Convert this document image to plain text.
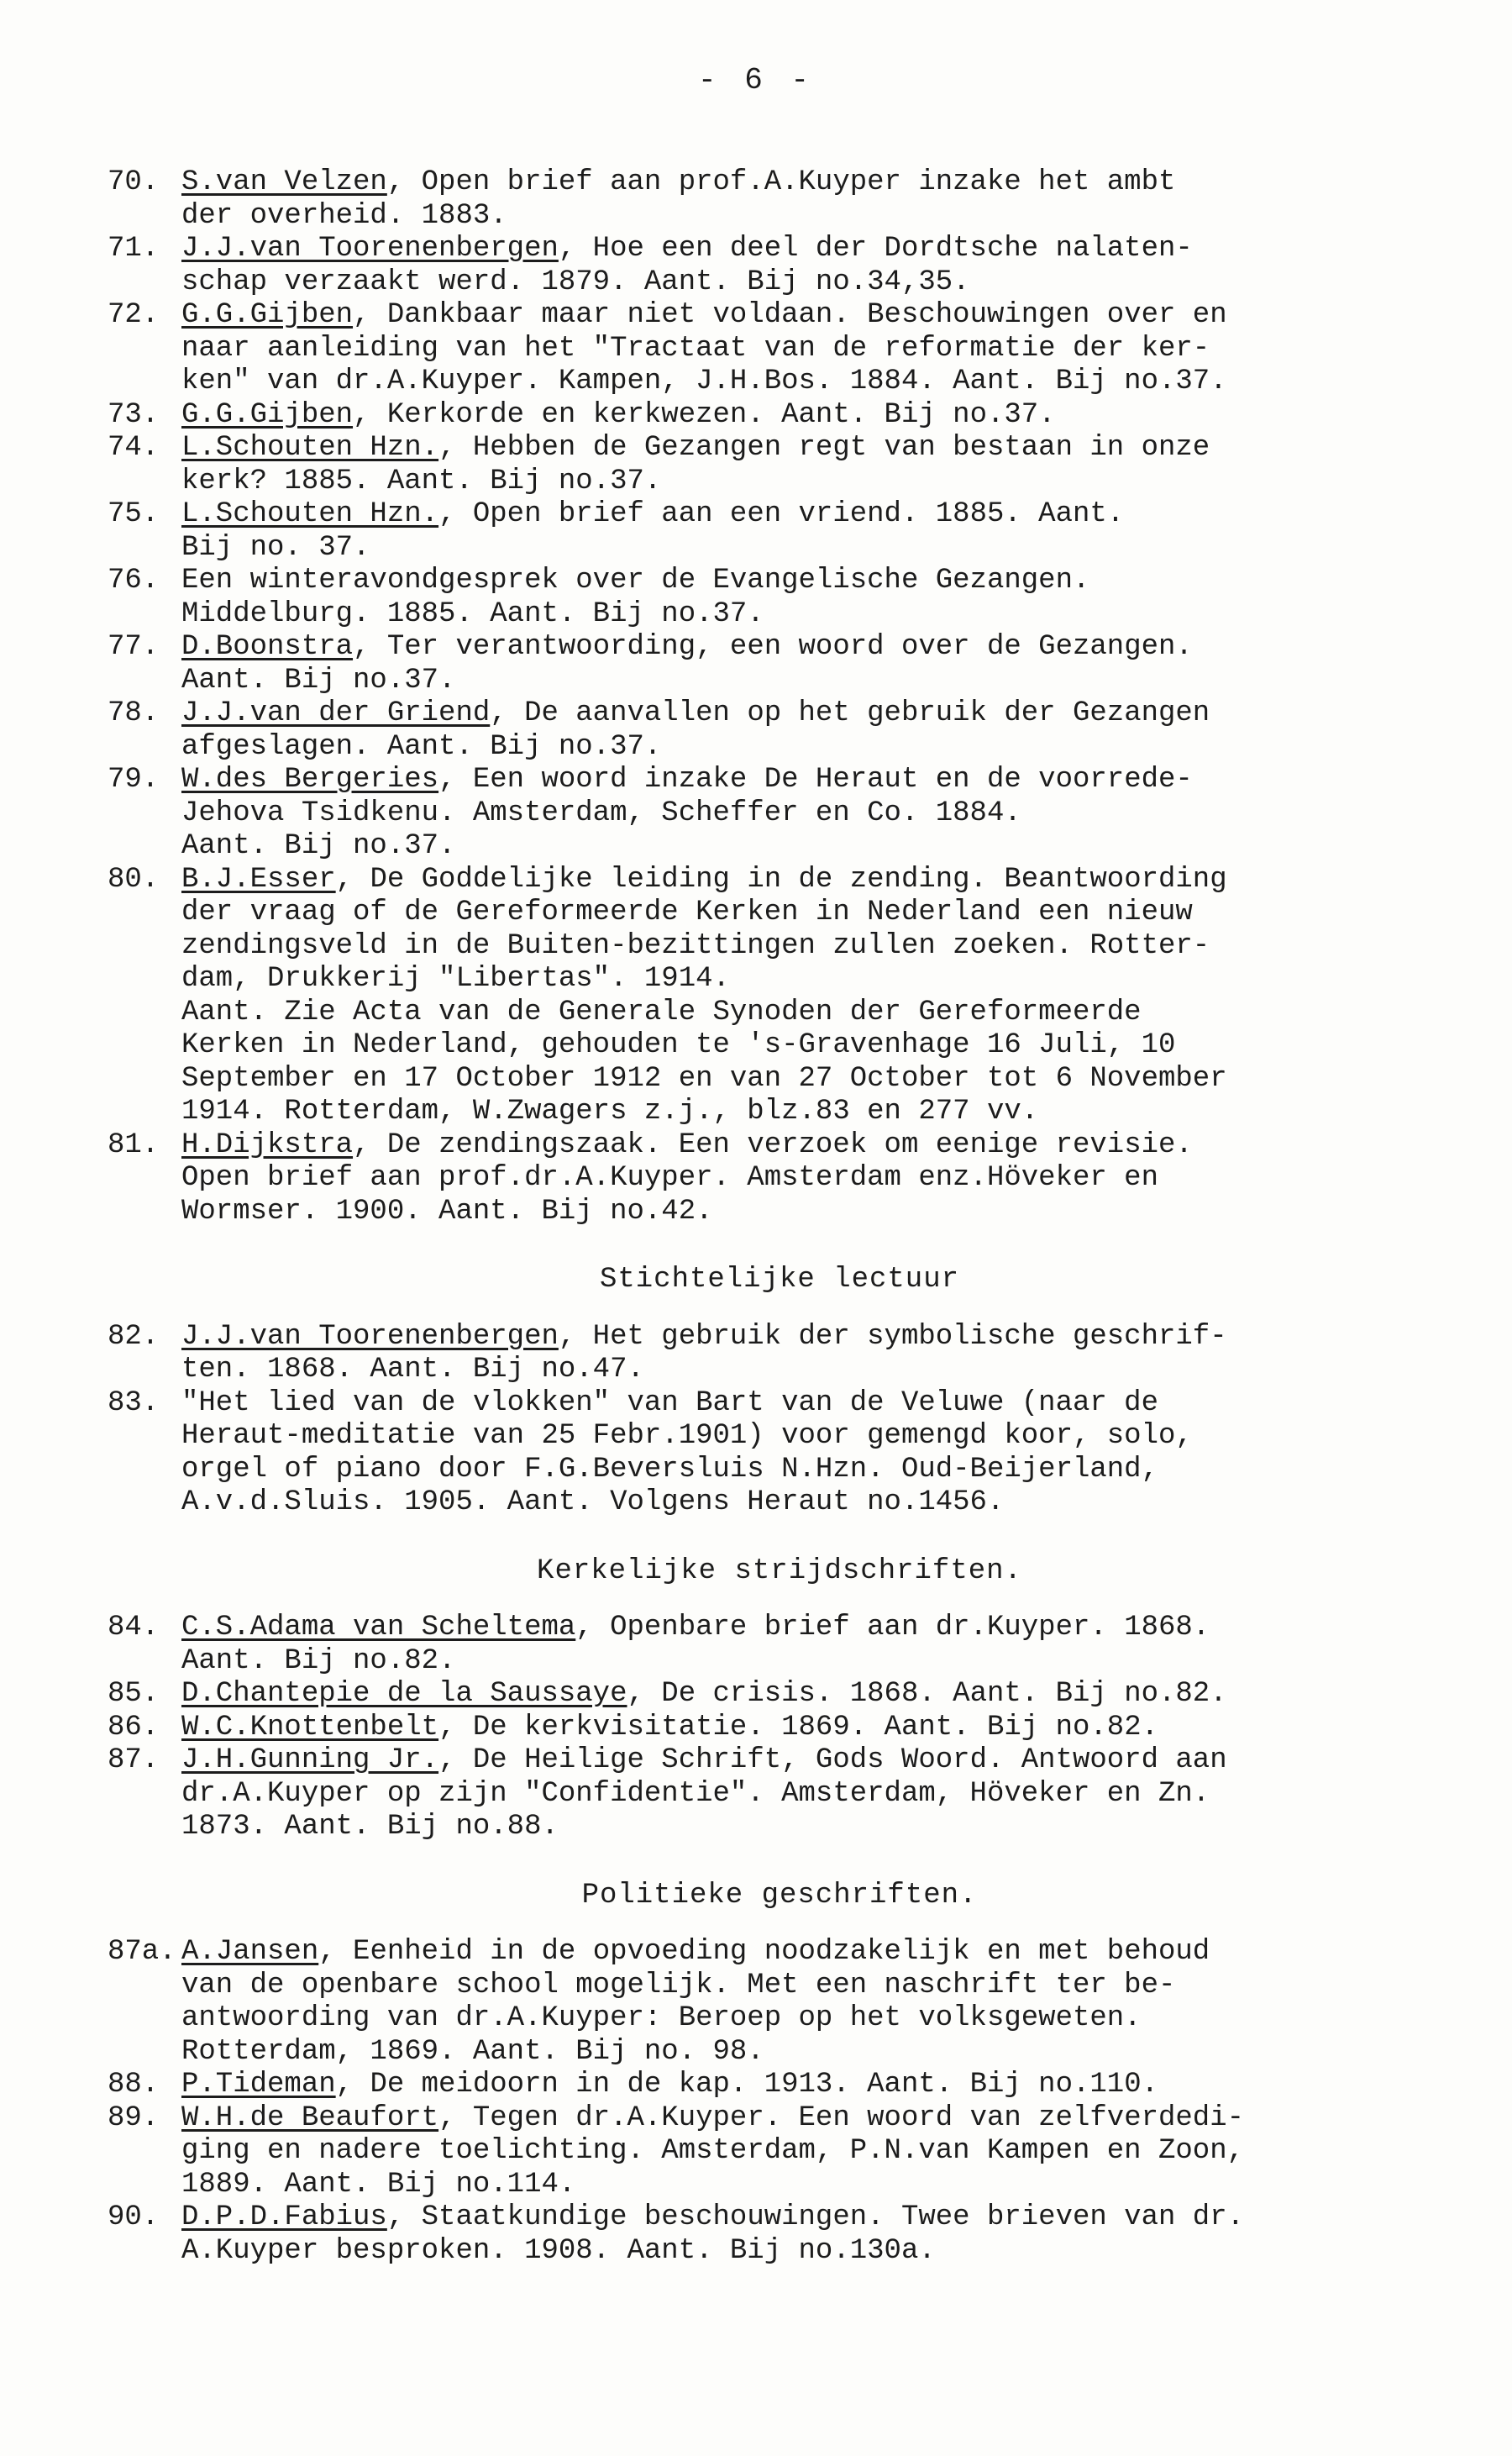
- 6 -
70. S.van Velzen, Open brief aan prof.A.Kuyper inzake het ambt
der overheid. 1883.
71. J.J.van Toorenenbergen, Hoe een deel der Dordtsche nalaten-
schap verzaakt werd. 1879. Aant. Bij no.34,35.
72. G.G.Gijben, Dankbaar maar niet voldaan. Beschouwingen over en
naar aanleiding van het "Tractaat van de reformatie der ker-
ken" van dr.A.Kuyper. Kampen, J.H.Bos. 1884. Aant. Bij no.37.
73. G.G.Gijben, Kerkorde en kerkwezen. Aant. Bij no.37.
74. L.Schouten Hzn., Hebben de Gezangen regt van bestaan in onze
kerk? 1885. Aant. Bij no.37.
75. L.Schouten Hzn., Open brief aan een vriend. 1885. Aant.
Bij no. 37.
76. Een winteravondgesprek over de Evangelische Gezangen.
Middelburg. 1885. Aant. Bij no.37.
77. D.Boonstra, Ter verantwoording, een woord over de Gezangen.
Aant. Bij no.37.
78. J.J.van der Griend, De aanvallen op het gebruik der Gezangen
afgeslagen. Aant. Bij no.37.
79. W.des Bergeries, Een woord inzake De Heraut en de voorrede-
Jehova Tsidkenu. Amsterdam, Scheffer en Co. 1884.
Aant. Bij no.37.
80. B.J.Esser, De Goddelijke leiding in de zending. Beantwoording
der vraag of de Gereformeerde Kerken in Nederland een nieuw
zendingsveld in de Buiten-bezittingen zullen zoeken. Rotter-
dam, Drukkerij "Libertas". 1914.
Aant. Zie Acta van de Generale Synoden der Gereformeerde
Kerken in Nederland, gehouden te 's-Gravenhage 16 Juli, 10
September en 17 October 1912 en van 27 October tot 6 November
1914. Rotterdam, W.Zwagers z.j., blz.83 en 277 vv.
81. H.Dijkstra, De zendingszaak. Een verzoek om eenige revisie.
Open brief aan prof.dr.A.Kuyper. Amsterdam enz.Höveker en
Wormser. 1900. Aant. Bij no.42.
Stichtelijke lectuur
82. J.J.van Toorenenbergen, Het gebruik der symbolische geschrif-
ten. 1868. Aant. Bij no.47.
83. "Het lied van de vlokken" van Bart van de Veluwe (naar de
Heraut-meditatie van 25 Febr.1901) voor gemengd koor, solo,
orgel of piano door F.G.Beversluis N.Hzn. Oud-Beijerland,
A.v.d.Sluis. 1905. Aant. Volgens Heraut no.1456.
Kerkelijke strijdschriften.
84. C.S.Adama van Scheltema, Openbare brief aan dr.Kuyper. 1868.
Aant. Bij no.82.
85. D.Chantepie de la Saussaye, De crisis. 1868. Aant. Bij no.82.
86. W.C.Knottenbelt, De kerkvisitatie. 1869. Aant. Bij no.82.
87. J.H.Gunning Jr., De Heilige Schrift, Gods Woord. Antwoord aan
dr.A.Kuyper op zijn "Confidentie". Amsterdam, Höveker en Zn.
1873. Aant. Bij no.88.
Politieke geschriften.
87a. A.Jansen, Eenheid in de opvoeding noodzakelijk en met behoud
van de openbare school mogelijk. Met een naschrift ter be-
antwoording van dr.A.Kuyper: Beroep op het volksgeweten.
Rotterdam, 1869. Aant. Bij no. 98.
88. P.Tideman, De meidoorn in de kap. 1913. Aant. Bij no.110.
89. W.H.de Beaufort, Tegen dr.A.Kuyper. Een woord van zelfverdedi-
ging en nadere toelichting. Amsterdam, P.N.van Kampen en Zoon,
1889. Aant. Bij no.114.
90. D.P.D.Fabius, Staatkundige beschouwingen. Twee brieven van dr.
A.Kuyper besproken. 1908. Aant. Bij no.130a.
